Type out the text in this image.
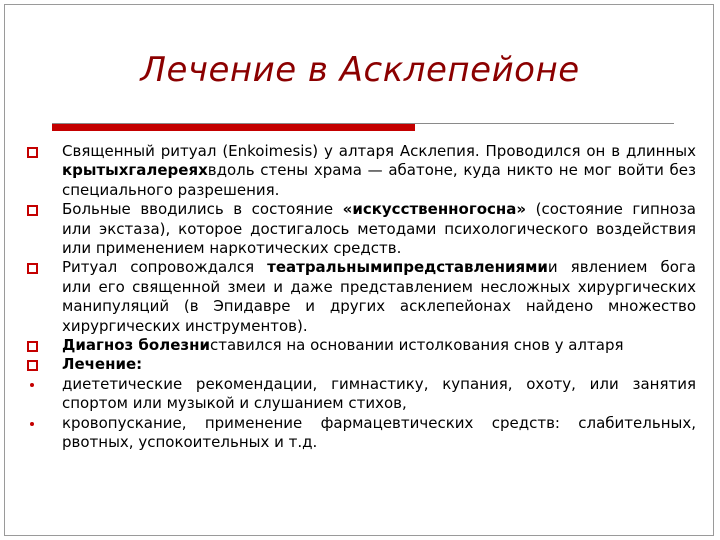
Лечение в Асклепейоне
Священный ритуал (Enkoimesis) у алтаря Асклепия. Проводился он в длинных крытыхгалереяхвдоль стены храма — абатоне, куда никто не мог войти без специального разрешения.
Больные вводились в состояние «искусственногосна» (состояние гипноза или экстаза), которое достигалось методами психологического воздействия или применением наркотических средств.
Ритуал сопровождался театральнымипредставлениямии явлением бога или его священной змеи и даже представлением несложных хирургических манипуляций (в Эпидавре и других асклепейонах найдено множество хирургических инструментов).
Диагноз болезниставился на основании истолкования снов у алтаря
Лечение:
диететические рекомендации, гимнастику, купания, охоту, или занятия спортом или музыкой и слушанием стихов,
кровопускание, применение фармацевтических средств: слабительных, рвотных, успокоительных и т.д.
